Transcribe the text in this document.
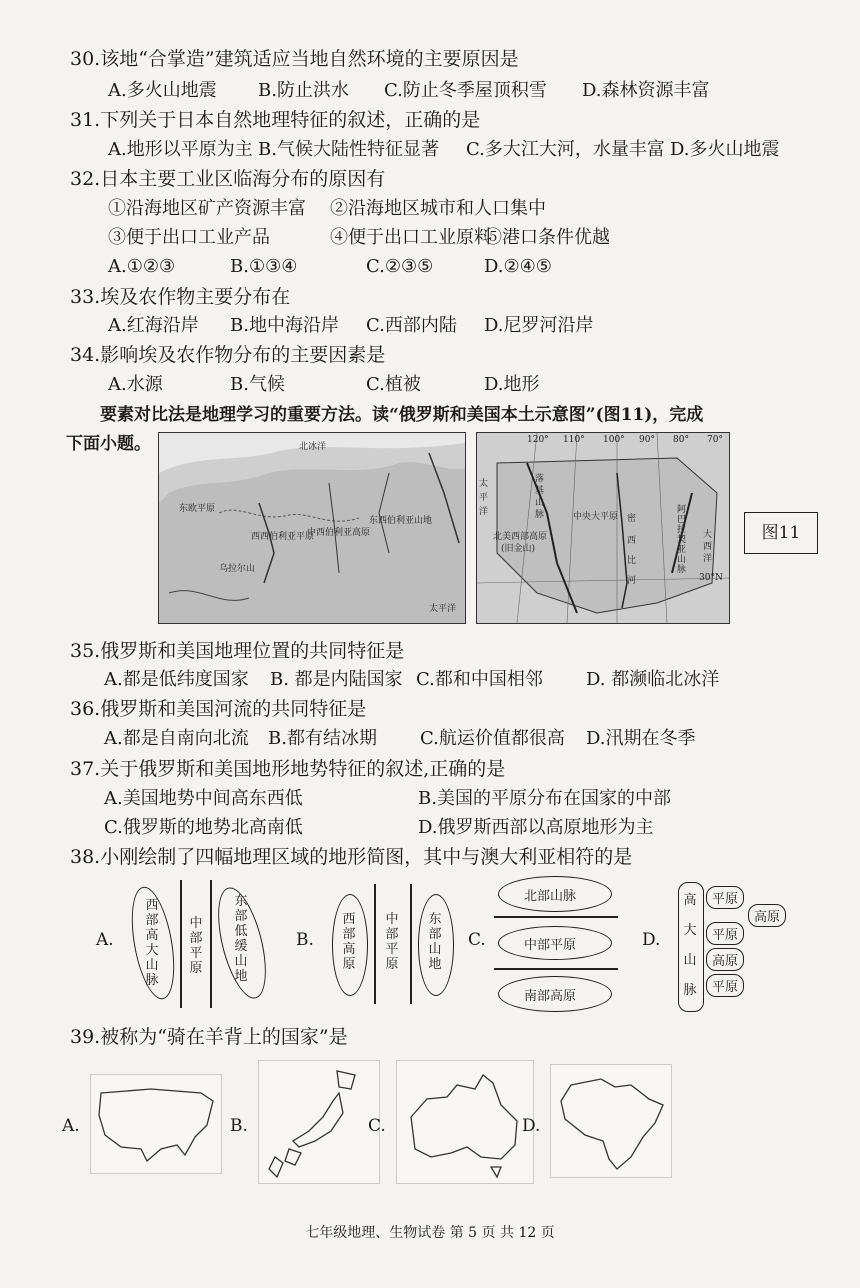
30.该地“合掌造”建筑适应当地自然环境的主要原因是
A.多火山地震 B.防止洪水 C.防止冬季屋顶积雪 D.森林资源丰富
31.下列关于日本自然地理特征的叙述，正确的是
A.地形以平原为主 B.气候大陆性特征显著 C.多大江大河，水量丰富 D.多火山地震
32.日本主要工业区临海分布的原因有
①沿海地区矿产资源丰富 ②沿海地区城市和人口集中
③便于出口工业产品	④便于出口工业原料
⑤港口条件优越
A.①②③	B.①③④	C.②③⑤	D.②④⑤
33.埃及农作物主要分布在
A.红海沿岸 B.地中海沿岸 C.西部内陆 D.尼罗河沿岸
34.影响埃及农作物分布的主要因素是
A.水源	B.气候	C.植被	D.地形
要素对比法是地理学习的重要方法。读“俄罗斯和美国本土示意图”(图11)，完成
下面小题。	北冰洋
东欧平原
西西伯利亚平原
中西伯利亚高原
东西伯利亚山地
乌拉尔山
太平洋
120° 110° 100° 90° 80° 70°
中央大平原
北美西部高原
(旧金山)
密
西
比
河
阿巴拉契亚山脉
大西洋
太平洋
落基山脉
30°N
图11
35.俄罗斯和美国地理位置的共同特征是
A.都是低纬度国家 B. 都是内陆国家 C.都和中国相邻 D. 都濒临北冰洋
36.俄罗斯和美国河流的共同特征是
A.都是自南向北流 B.都有结冰期 C.航运价值都很高 D.汛期在冬季
37.关于俄罗斯和美国地形地势特征的叙述,正确的是
A.美国地势中间高东西低	B.美国的平原分布在国家的中部
C.俄罗斯的地势北高南低	D.俄罗斯西部以高原地形为主
38.小刚绘制了四幅地理区域的地形简图，其中与澳大利亚相符的是
A.
西部高大山脉
中部平原
东部低缓山地
B.
西部高原
中部平原
东部山地
C.
北部山脉
中部平原
南部高原
D.
高大山脉
平原
高原
平原
高原
平原
39.被称为“骑在羊背上的国家”是
A.	B.	C.	D.
七年级地理、生物试卷 第 5 页 共 12 页
